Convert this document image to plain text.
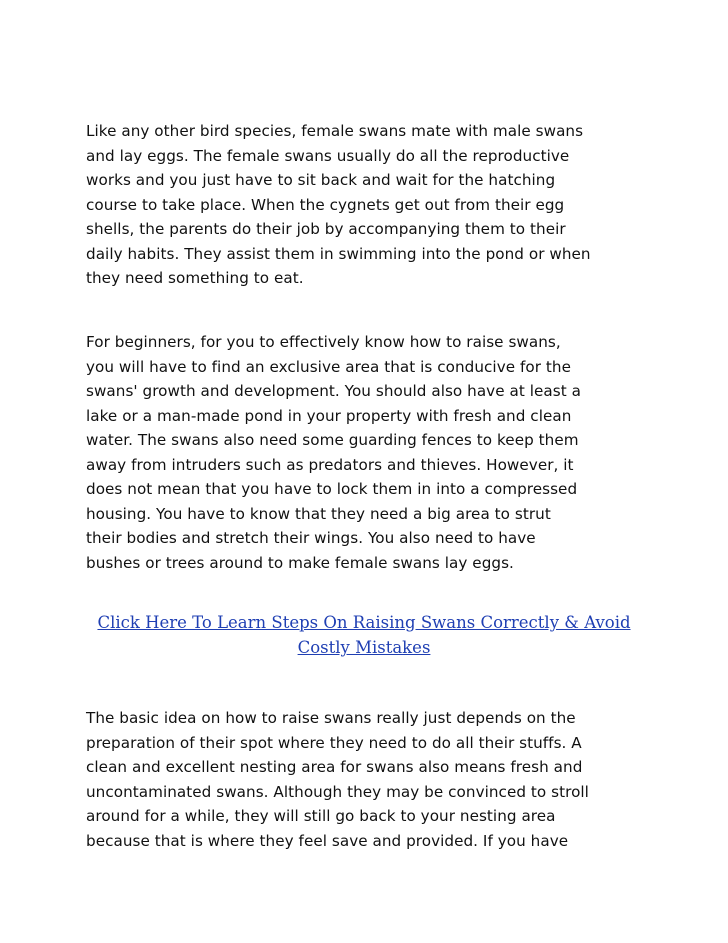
Like any other bird species, female swans mate with male swans
and lay eggs. The female swans usually do all the reproductive
works and you just have to sit back and wait for the hatching
course to take place. When the cygnets get out from their egg
shells, the parents do their job by accompanying them to their
daily habits. They assist them in swimming into the pond or when
they need something to eat.

For beginners, for you to effectively know how to raise swans,
you will have to find an exclusive area that is conducive for the
swans' growth and development. You should also have at least a
lake or a man-made pond in your property with fresh and clean
water. The swans also need some guarding fences to keep them
away from intruders such as predators and thieves. However, it
does not mean that you have to lock them in into a compressed
housing. You have to know that they need a big area to strut
their bodies and stretch their wings. You also need to have
bushes or trees around to make female swans lay eggs.

Click Here To Learn Steps On Raising Swans Correctly & Avoid
Costly Mistakes

The basic idea on how to raise swans really just depends on the
preparation of their spot where they need to do all their stuffs. A
clean and excellent nesting area for swans also means fresh and
uncontaminated swans. Although they may be convinced to stroll
around for a while, they will still go back to your nesting area
because that is where they feel save and provided. If you have
